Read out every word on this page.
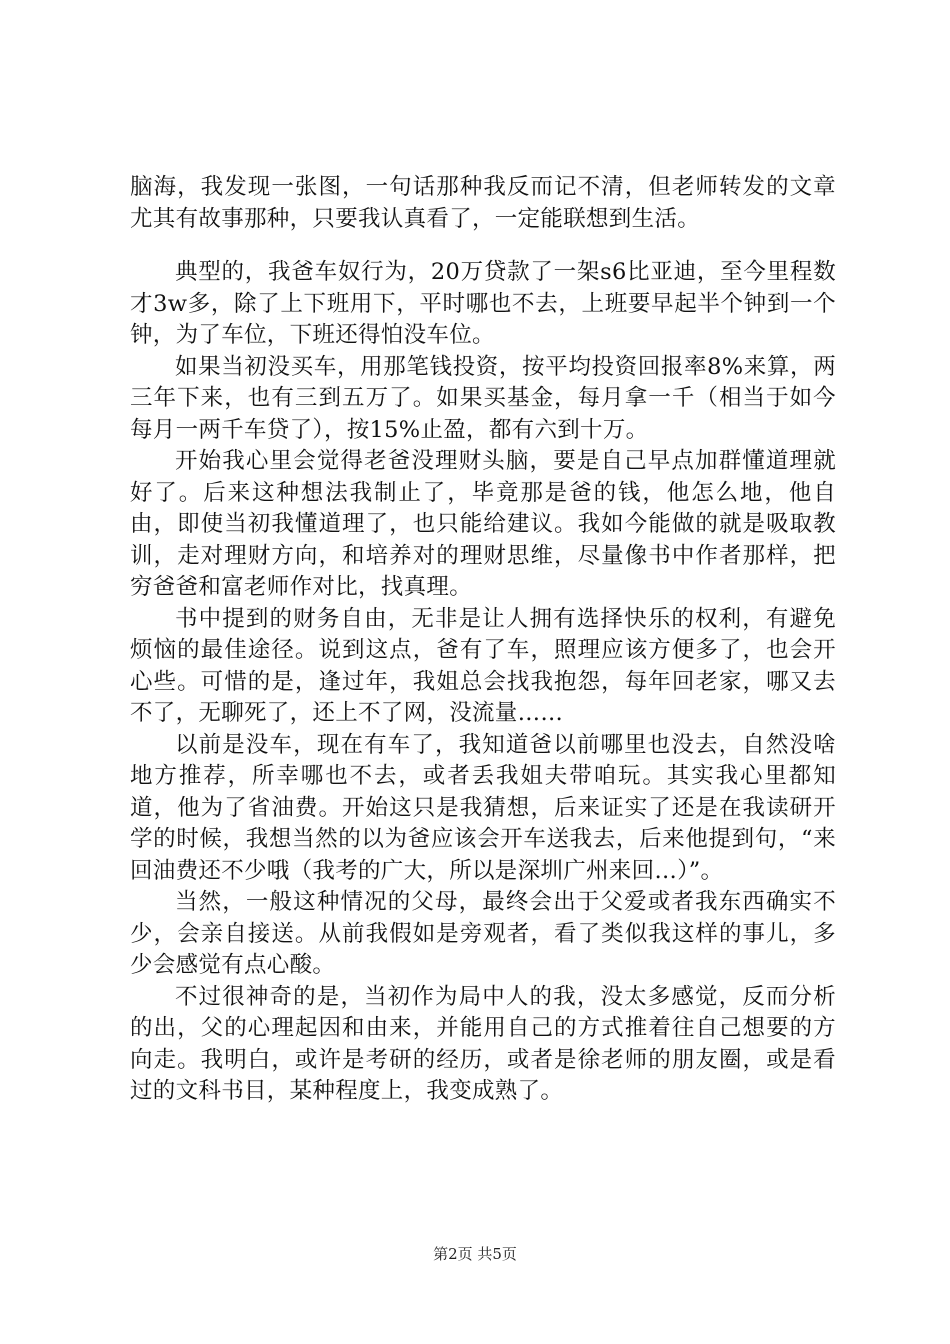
脑海，我发现一张图，一句话那种我反而记不清，但老师转发的文章尤其有故事那种，只要我认真看了，一定能联想到生活。

典型的，我爸车奴行为，20万贷款了一架s6比亚迪，至今里程数才3w多，除了上下班用下，平时哪也不去，上班要早起半个钟到一个钟，为了车位，下班还得怕没车位。

如果当初没买车，用那笔钱投资，按平均投资回报率8%来算，两三年下来，也有三到五万了。如果买基金，每月拿一千（相当于如今每月一两千车贷了），按15%止盈，都有六到十万。

开始我心里会觉得老爸没理财头脑，要是自己早点加群懂道理就好了。后来这种想法我制止了，毕竟那是爸的钱，他怎么地，他自由，即使当初我懂道理了，也只能给建议。我如今能做的就是吸取教训，走对理财方向，和培养对的理财思维，尽量像书中作者那样，把穷爸爸和富老师作对比，找真理。

书中提到的财务自由，无非是让人拥有选择快乐的权利，有避免烦恼的最佳途径。说到这点，爸有了车，照理应该方便多了，也会开心些。可惜的是，逢过年，我姐总会找我抱怨，每年回老家，哪又去不了，无聊死了，还上不了网，没流量……

以前是没车，现在有车了，我知道爸以前哪里也没去，自然没啥地方推荐，所幸哪也不去，或者丢我姐夫带咱玩。其实我心里都知道，他为了省油费。开始这只是我猜想，后来证实了还是在我读研开学的时候，我想当然的以为爸应该会开车送我去，后来他提到句，“来回油费还不少哦（我考的广大，所以是深圳广州来回…）”。

当然，一般这种情况的父母，最终会出于父爱或者我东西确实不少，会亲自接送。从前我假如是旁观者，看了类似我这样的事儿，多少会感觉有点心酸。

不过很神奇的是，当初作为局中人的我，没太多感觉，反而分析的出，父的心理起因和由来，并能用自己的方式推着往自己想要的方向走。我明白，或许是考研的经历，或者是徐老师的朋友圈，或是看过的文科书目，某种程度上，我变成熟了。

第2页 共5页
